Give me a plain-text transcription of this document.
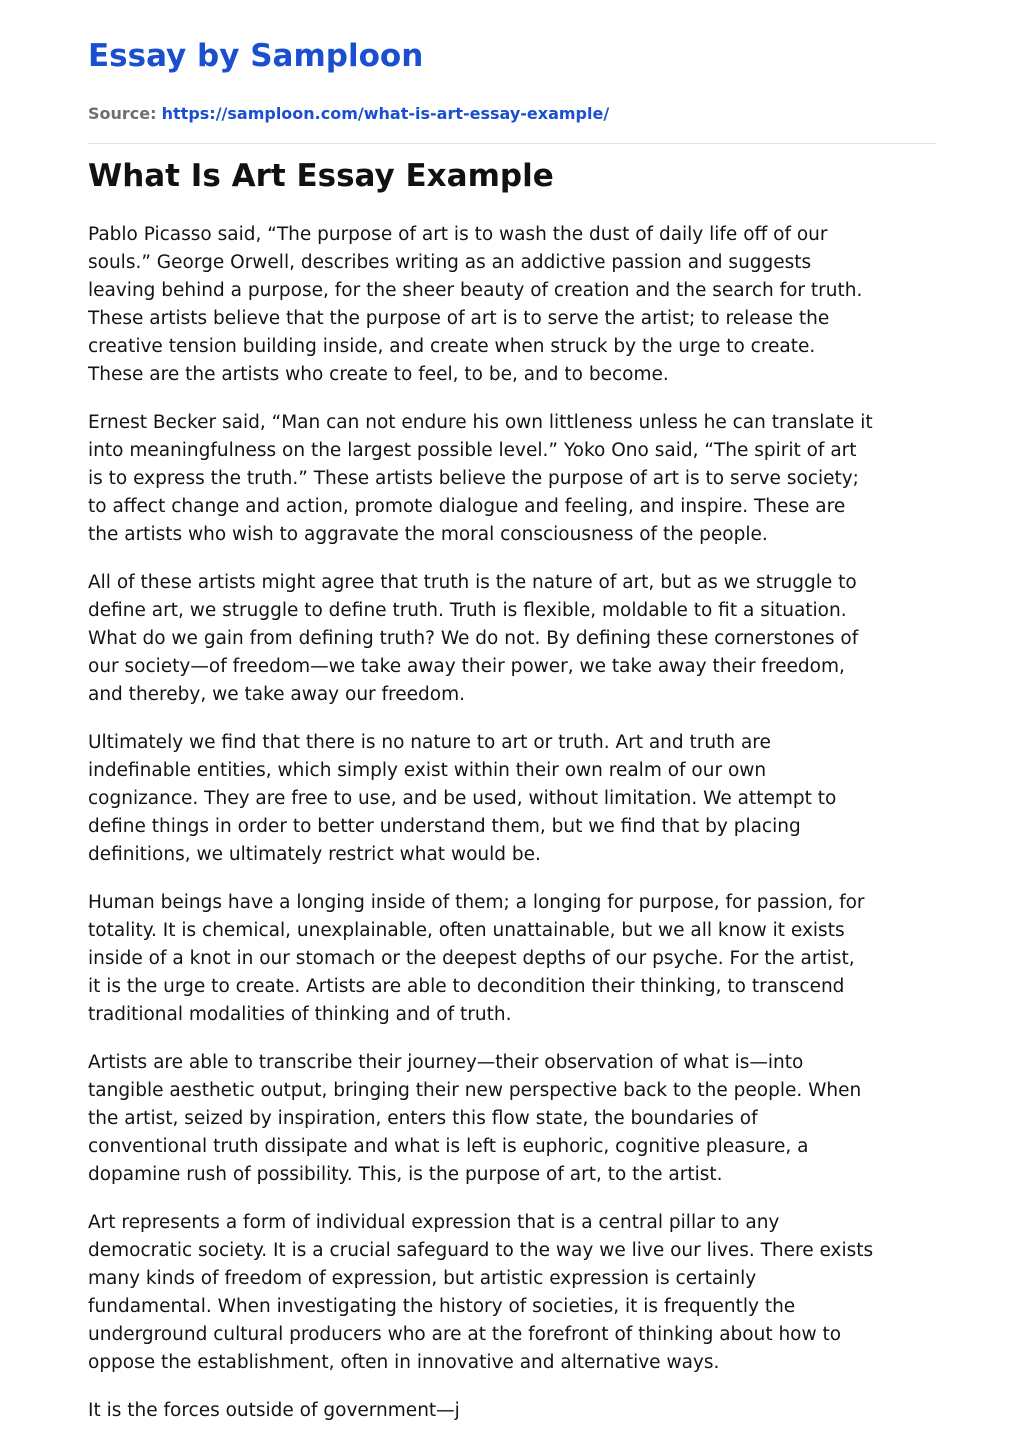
Essay by Samploon
Source: https://samploon.com/what-is-art-essay-example/
What Is Art Essay Example

Pablo Picasso said, “The purpose of art is to wash the dust of daily life off of our
souls.” George Orwell, describes writing as an addictive passion and suggests
leaving behind a purpose, for the sheer beauty of creation and the search for truth.
These artists believe that the purpose of art is to serve the artist; to release the
creative tension building inside, and create when struck by the urge to create.
These are the artists who create to feel, to be, and to become.

Ernest Becker said, “Man can not endure his own littleness unless he can translate it
into meaningfulness on the largest possible level.” Yoko Ono said, “The spirit of art
is to express the truth.” These artists believe the purpose of art is to serve society;
to affect change and action, promote dialogue and feeling, and inspire. These are
the artists who wish to aggravate the moral consciousness of the people.

All of these artists might agree that truth is the nature of art, but as we struggle to
define art, we struggle to define truth. Truth is flexible, moldable to fit a situation.
What do we gain from defining truth? We do not. By defining these cornerstones of
our society—of freedom—we take away their power, we take away their freedom,
and thereby, we take away our freedom.

Ultimately we find that there is no nature to art or truth. Art and truth are
indefinable entities, which simply exist within their own realm of our own
cognizance. They are free to use, and be used, without limitation. We attempt to
define things in order to better understand them, but we find that by placing
definitions, we ultimately restrict what would be.

Human beings have a longing inside of them; a longing for purpose, for passion, for
totality. It is chemical, unexplainable, often unattainable, but we all know it exists
inside of a knot in our stomach or the deepest depths of our psyche. For the artist,
it is the urge to create. Artists are able to decondition their thinking, to transcend
traditional modalities of thinking and of truth.

Artists are able to transcribe their journey—their observation of what is—into
tangible aesthetic output, bringing their new perspective back to the people. When
the artist, seized by inspiration, enters this flow state, the boundaries of
conventional truth dissipate and what is left is euphoric, cognitive pleasure, a
dopamine rush of possibility. This, is the purpose of art, to the artist.

Art represents a form of individual expression that is a central pillar to any
democratic society. It is a crucial safeguard to the way we live our lives. There exists
many kinds of freedom of expression, but artistic expression is certainly
fundamental. When investigating the history of societies, it is frequently the
underground cultural producers who are at the forefront of thinking about how to
oppose the establishment, often in innovative and alternative ways.

It is the forces outside of government—j
